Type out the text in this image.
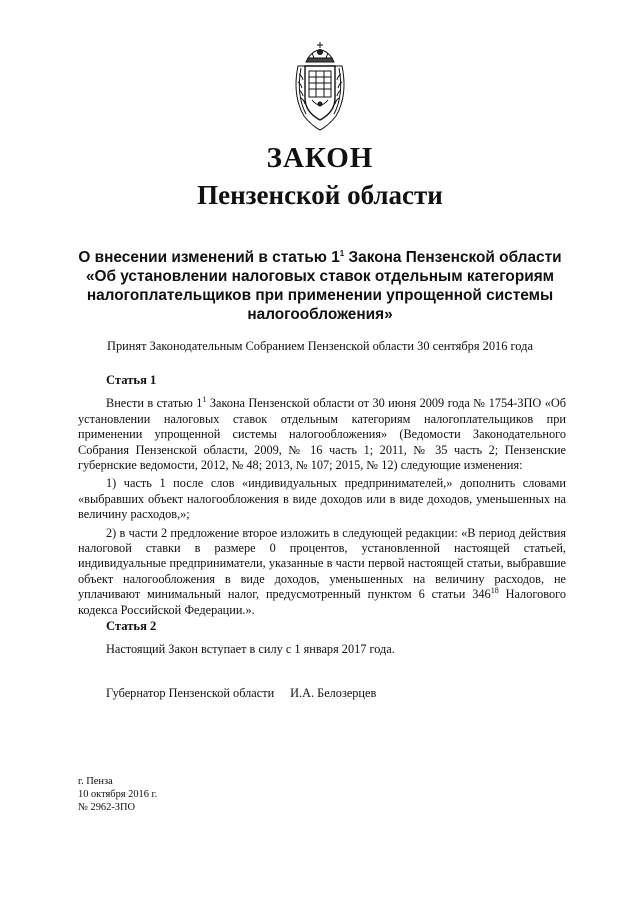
ЗАКОН
Пензенской области

О внесении изменений в статью $1^1$ Закона Пензенской области
«Об установлении налоговых ставок отдельным категориям налогоплательщиков при применении упрощенной системы налогообложения»

Принят Законодательным Собранием Пензенской области 30 сентября 2016 года

Статья 1

Внести в статью $1^1$ Закона Пензенской области от 30 июня 2009 года № 1754-ЗПО «Об установлении налоговых ставок отдельным категориям налогоплательщиков при применении упрощенной системы налогообложения» (Ведомости Законодательного Собрания Пензенской области, 2009, № 16 часть 1; 2011, № 35 часть 2; Пензенские губернские ведомости, 2012, № 48; 2013, № 107; 2015, № 12) следующие изменения:

1) часть 1 после слов «индивидуальных предпринимателей,» дополнить словами «выбравших объект налогообложения в виде доходов или в виде доходов, уменьшенных на величину расходов,»;

2) в части 2 предложение второе изложить в следующей редакции: «В период действия налоговой ставки в размере 0 процентов, установленной настоящей статьей, индивидуальные предприниматели, указанные в части первой настоящей статьи, выбравшие объект налогообложения в виде доходов, уменьшенных на величину расходов, не уплачивают минимальный налог, предусмотренный пунктом 6 статьи $346^{18}$ Налогового кодекса Российской Федерации.».

Статья 2

Настоящий Закон вступает в силу с 1 января 2017 года.

Губернатор Пензенской области И.А. Белозерцев

г. Пенза
10 октября 2016 г.
№ 2962-ЗПО
